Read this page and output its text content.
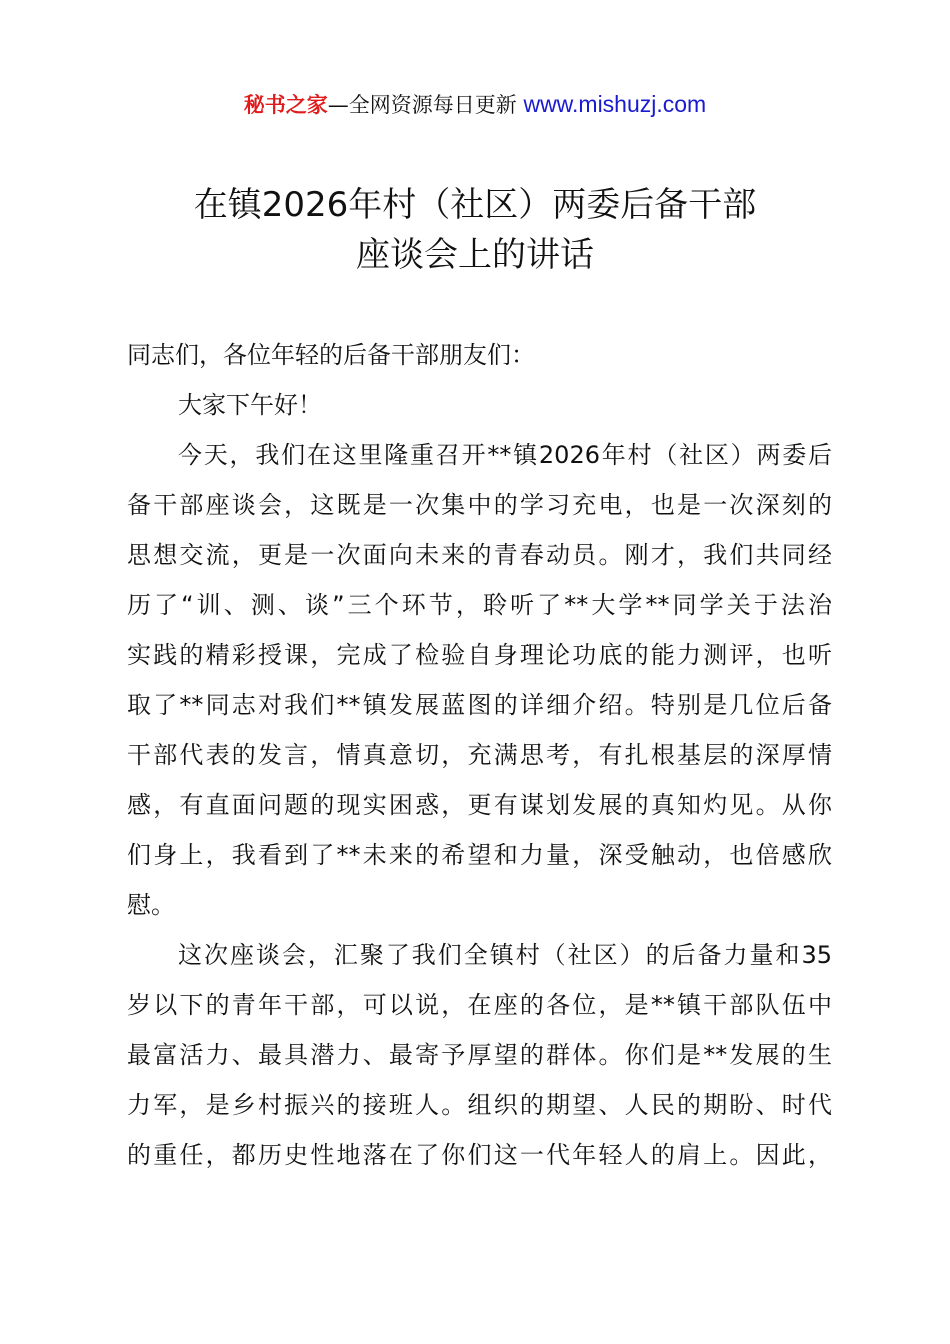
秘书之家—全网资源每日更新 www.mishuzj.com
在镇2026年村（社区）两委后备干部
座谈会上的讲话
同志们，各位年轻的后备干部朋友们：
大家下午好！
今天，我们在这里隆重召开**镇2026年村（社区）两委后
备干部座谈会，这既是一次集中的学习充电，也是一次深刻的
思想交流，更是一次面向未来的青春动员。刚才，我们共同经
历了“训、测、谈”三个环节，聆听了**大学**同学关于法治
实践的精彩授课，完成了检验自身理论功底的能力测评，也听
取了**同志对我们**镇发展蓝图的详细介绍。特别是几位后备
干部代表的发言，情真意切，充满思考，有扎根基层的深厚情
感，有直面问题的现实困惑，更有谋划发展的真知灼见。从你
们身上，我看到了**未来的希望和力量，深受触动，也倍感欣
慰。
这次座谈会，汇聚了我们全镇村（社区）的后备力量和35
岁以下的青年干部，可以说，在座的各位，是**镇干部队伍中
最富活力、最具潜力、最寄予厚望的群体。你们是**发展的生
力军，是乡村振兴的接班人。组织的期望、人民的期盼、时代
的重任，都历史性地落在了你们这一代年轻人的肩上。因此，
